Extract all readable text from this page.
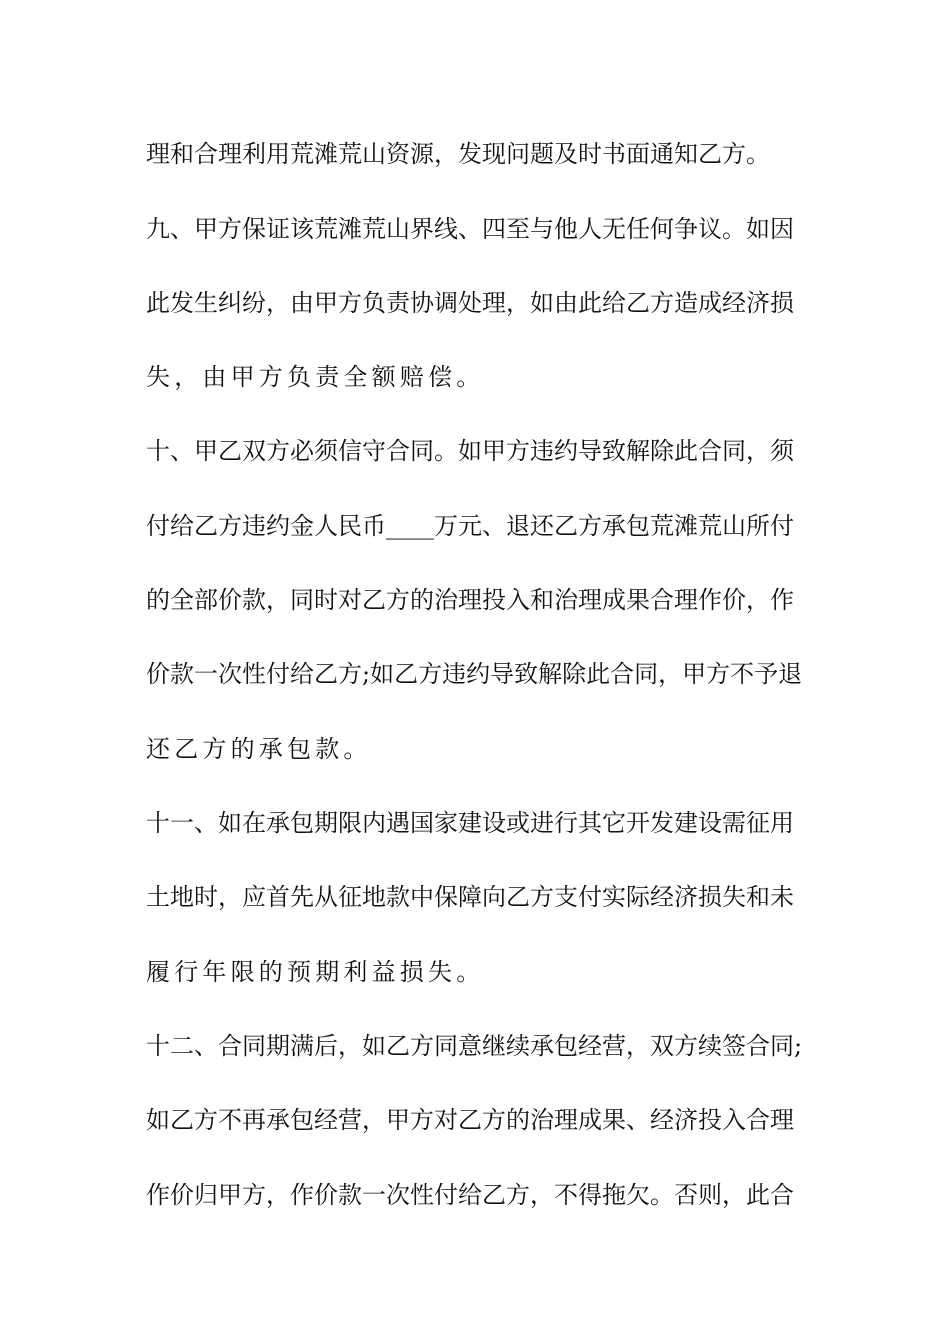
理和合理利用荒滩荒山资源，发现问题及时书面通知乙方。
九、甲方保证该荒滩荒山界线、四至与他人无任何争议。如因
此发生纠纷，由甲方负责协调处理，如由此给乙方造成经济损
失，由甲方负责全额赔偿。
十、甲乙双方必须信守合同。如甲方违约导致解除此合同，须
付给乙方违约金人民币____万元、退还乙方承包荒滩荒山所付
的全部价款，同时对乙方的治理投入和治理成果合理作价，作
价款一次性付给乙方;如乙方违约导致解除此合同，甲方不予退
还乙方的承包款。
十一、如在承包期限内遇国家建设或进行其它开发建设需征用
土地时，应首先从征地款中保障向乙方支付实际经济损失和未
履行年限的预期利益损失。
十二、合同期满后，如乙方同意继续承包经营，双方续签合同;
如乙方不再承包经营，甲方对乙方的治理成果、经济投入合理
作价归甲方，作价款一次性付给乙方，不得拖欠。否则，此合
